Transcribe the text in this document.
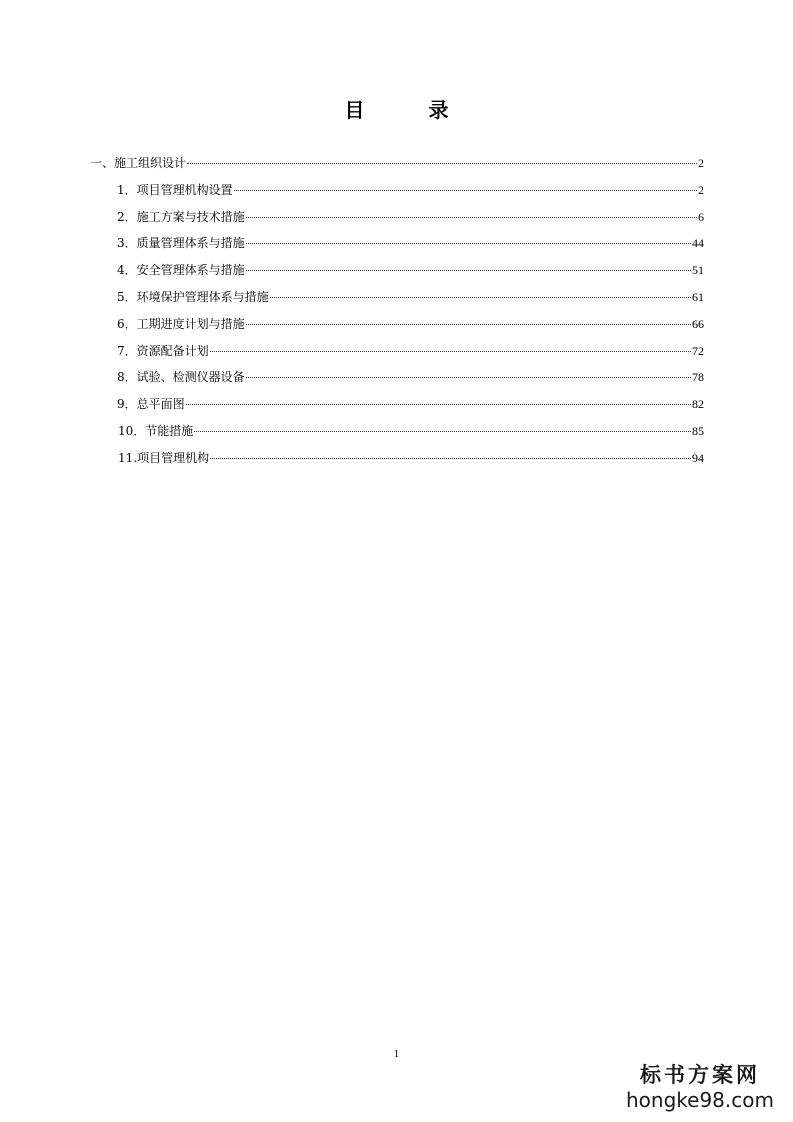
目　录
一、施工组织设计	2
1．项目管理机构设置	2
2．施工方案与技术措施	6
3．质量管理体系与措施	44
4．安全管理体系与措施	51
5．环境保护管理体系与措施	61
6．工期进度计划与措施	66
7．资源配备计划	72
8．试验、检测仪器设备	78
9．总平面图	82
10．节能措施	85
11.项目管理机构	94
1
标书方案网
hongke98.com
